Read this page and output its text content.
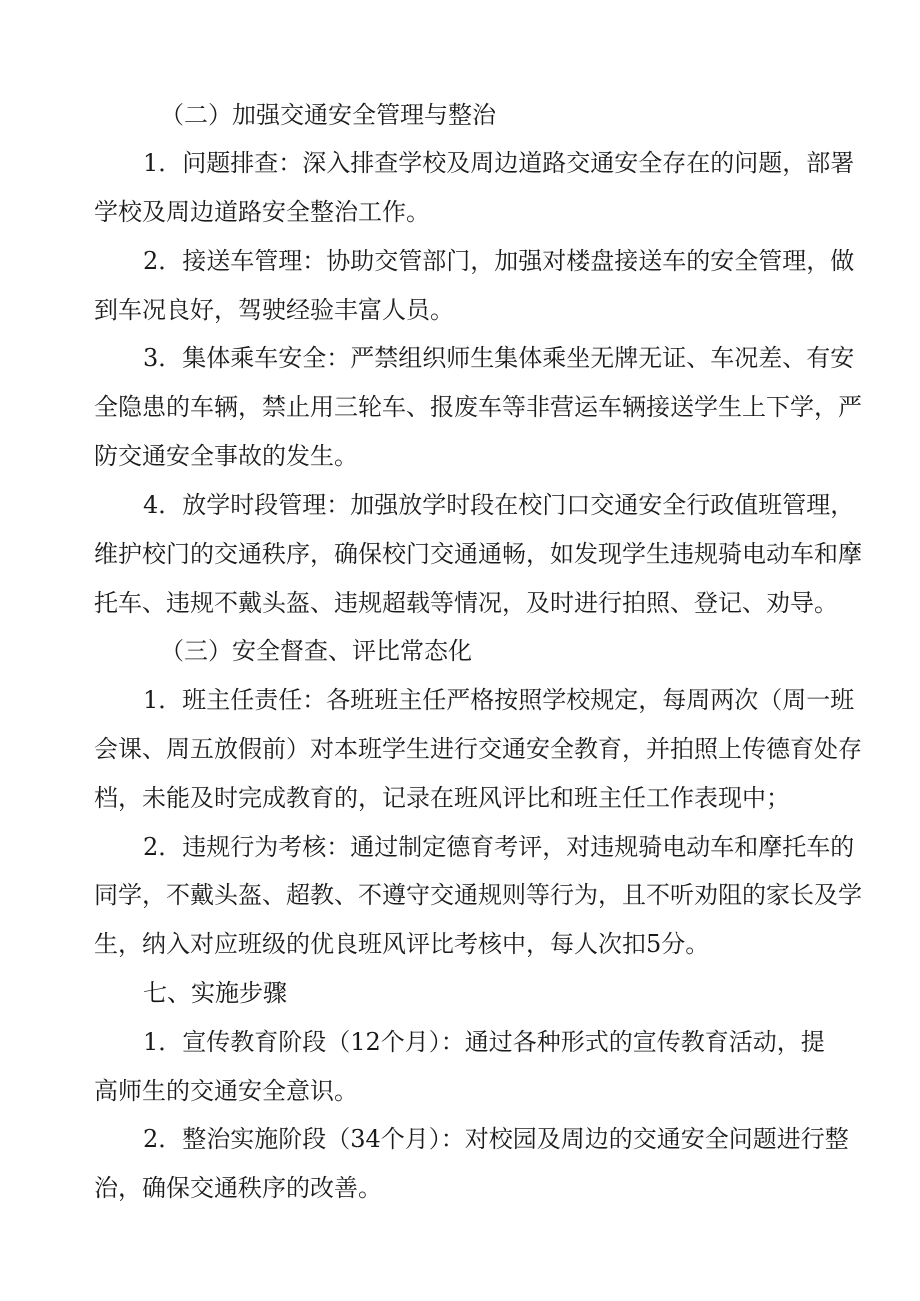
（二）加强交通安全管理与整治
1．问题排查：深入排查学校及周边道路交通安全存在的问题，部署
学校及周边道路安全整治工作。
2．接送车管理：协助交管部门，加强对楼盘接送车的安全管理，做
到车况良好，驾驶经验丰富人员。
3．集体乘车安全：严禁组织师生集体乘坐无牌无证、车况差、有安
全隐患的车辆，禁止用三轮车、报废车等非营运车辆接送学生上下学，严
防交通安全事故的发生。
4．放学时段管理：加强放学时段在校门口交通安全行政值班管理，
维护校门的交通秩序，确保校门交通通畅，如发现学生违规骑电动车和摩
托车、违规不戴头盔、违规超载等情况，及时进行拍照、登记、劝导。
（三）安全督查、评比常态化
1．班主任责任：各班班主任严格按照学校规定，每周两次（周一班
会课、周五放假前）对本班学生进行交通安全教育，并拍照上传德育处存
档，未能及时完成教育的，记录在班风评比和班主任工作表现中；
2．违规行为考核：通过制定德育考评，对违规骑电动车和摩托车的
同学，不戴头盔、超教、不遵守交通规则等行为，且不听劝阻的家长及学
生，纳入对应班级的优良班风评比考核中，每人次扣5分。
七、实施步骤
1．宣传教育阶段（12个月）：通过各种形式的宣传教育活动，提
高师生的交通安全意识。
2．整治实施阶段（34个月）：对校园及周边的交通安全问题进行整
治，确保交通秩序的改善。
